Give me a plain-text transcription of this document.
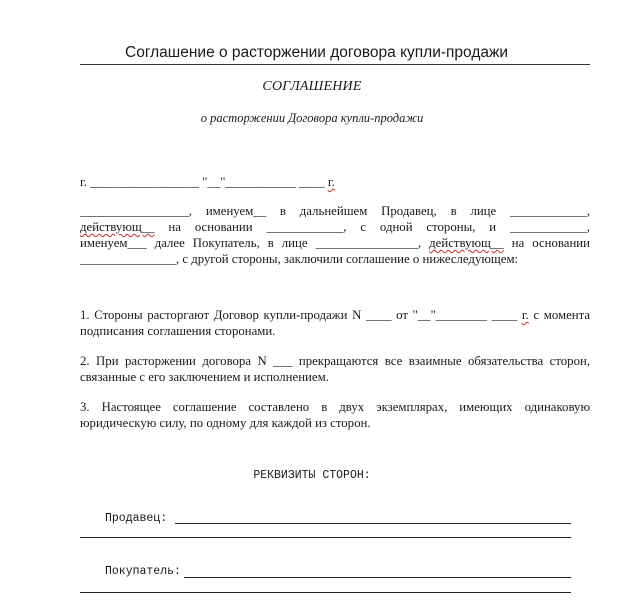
Соглашение о расторжении договора купли-продажи
СОГЛАШЕНИЕ
о расторжении Договора купли-продажи
г. _________________ "__"___________ ____ г.
_________________, именуем__ в дальнейшем Продавец, в лице ____________,
действующ__ на основании ____________, с одной стороны, и ____________,
именуем___ далее Покупатель, в лице ________________, действующ__ на основании
_______________, с другой стороны, заключили соглашение о нижеследующем:
1. Стороны расторгают Договор купли-продажи N ____ от "__"________ ____ г. с момента
подписания соглашения сторонами.
2. При расторжении договора N ___ прекращаются все взаимные обязательства сторон,
связанные с его заключением и исполнением.
3. Настоящее соглашение составлено в двух экземплярах, имеющих одинаковую
юридическую силу, по одному для каждой из сторон.
РЕКВИЗИТЫ СТОРОН:
Продавец:
Покупатель:
